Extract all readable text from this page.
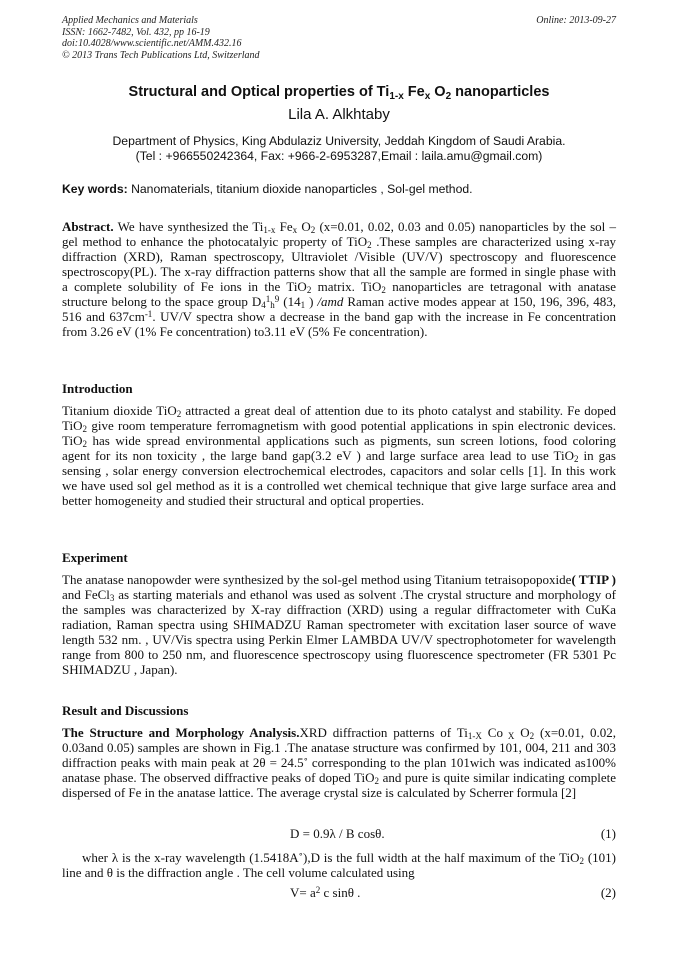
Applied Mechanics and Materials
ISSN: 1662-7482, Vol. 432, pp 16-19
doi:10.4028/www.scientific.net/AMM.432.16
© 2013 Trans Tech Publications Ltd, Switzerland
Online: 2013-09-27
Structural and Optical properties of $Ti_{1-x}$ $Fe_x$ $O_2$ nanoparticles
Lila A. Alkhtaby
Department of Physics, King Abdulaziz University, Jeddah Kingdom of Saudi Arabia.
(Tel : +966550242364, Fax: +966-2-6953287,Email : laila.amu@gmail.com)
Key words: Nanomaterials, titanium dioxide nanoparticles , Sol-gel method.
Abstract. We have synthesized the $Ti_{1-x}$ $Fe_x$ $O_2$ (x=0.01, 0.02, 0.03 and 0.05) nanoparticles by the sol – gel method to enhance the photocatalyic property of TiO$_2$ .These samples are characterized using x-ray diffraction (XRD), Raman spectroscopy, Ultraviolet /Visible (UV/V) spectroscopy and fluorescence spectroscopy(PL). The x-ray diffraction patterns show that all the sample are formed in single phase with a complete solubility of Fe ions in the TiO$_2$ matrix. TiO$_2$ nanoparticles are tetragonal with anatase structure belong to the space group $D_4^1_h^9$ ($14_1$ ) /amd Raman active modes appear at 150, 196, 396, 483, 516 and $637cm^{-1}$. UV/V spectra show a decrease in the band gap with the increase in Fe concentration from 3.26 eV (1% Fe concentration) to3.11 eV (5% Fe concentration).
Introduction
Titanium dioxide TiO$_2$ attracted a great deal of attention due to its photo catalyst and stability. Fe doped TiO$_2$ give room temperature ferromagnetism with good potential applications in spin electronic devices. TiO$_2$ has wide spread environmental applications such as pigments, sun screen lotions, food coloring agent for its non toxicity , the large band gap(3.2 eV ) and large surface area lead to use TiO$_2$ in gas sensing , solar energy conversion electrochemical electrodes, capacitors and solar cells [1]. In this work we have used sol gel method as it is a controlled wet chemical technique that give large surface area and better homogeneity and studied their structural and optical properties.
Experiment
The anatase nanopowder were synthesized by the sol-gel method using Titanium tetraisopopoxide( TTIP ) and FeCl$_3$ as starting materials and ethanol was used as solvent .The crystal structure and morphology of the samples was characterized by X-ray diffraction (XRD) using a regular diffractometer with CuKa radiation, Raman spectra using SHIMADZU Raman spectrometer with excitation laser source of wave length 532 nm. , UV/Vis spectra using Perkin Elmer LAMBDA UV/V spectrophotometer for wavelength range from 800 to 250 nm, and fluorescence spectroscopy using fluorescence spectrometer (FR 5301 Pc SHIMADZU , Japan).
Result and Discussions
The Structure and Morphology Analysis.XRD diffraction patterns of $Ti_{1-X}$ Co $_X$ $O_2$ (x=0.01, 0.02, 0.03and 0.05) samples are shown in Fig.1 .The anatase structure was confirmed by 101, 004, 211 and 303 diffraction peaks with main peak at 2θ = 24.5˚ corresponding to the plan 101wich was indicated as100% anatase phase. The observed diffractive peaks of doped TiO$_2$ and pure is quite similar indicating complete dispersed of Fe in the anatase lattice. The average crystal size is calculated by Scherrer formula [2]
D = 0.9λ / B cosθ.	(1)
wher λ is the x-ray wavelength (1.5418A˚),D is the full width at the half maximum of the TiO$_2$ (101) line and θ is the diffraction angle . The cell volume calculated using
$V= a^2$ c sinθ .	(2)
